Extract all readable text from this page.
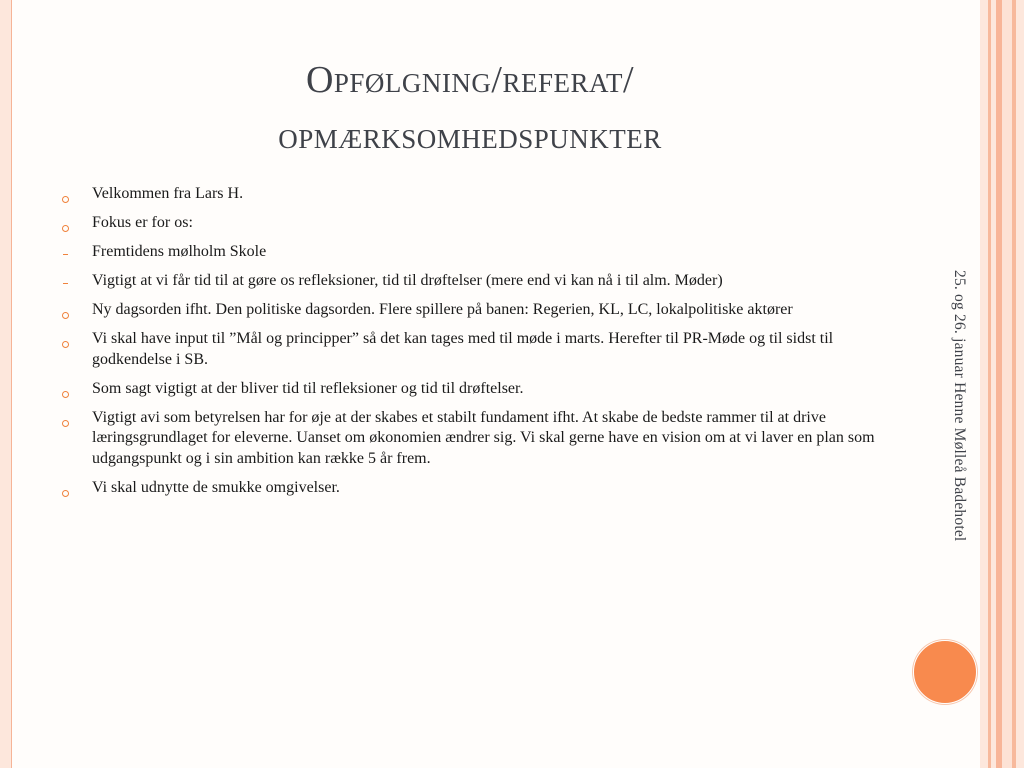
Opfølgning/referat/
opmærksomhedspunkter
Velkommen fra Lars H.
Fokus er for os:
Fremtidens mølholm Skole
Vigtigt at vi får tid til at gøre os refleksioner, tid til drøftelser (mere end vi kan nå i til alm. Møder)
Ny dagsorden ifht. Den politiske dagsorden. Flere spillere på banen: Regerien, KL, LC, lokalpolitiske aktører
Vi skal have input til ”Mål og principper” så det kan tages med til møde i marts. Herefter til PR-Møde og til sidst til godkendelse i SB.
Som sagt vigtigt at der bliver tid til refleksioner og tid til drøftelser.
Vigtigt avi som betyrelsen har for øje at der skabes et stabilt fundament ifht. At skabe de bedste rammer til at drive læringsgrundlaget for eleverne. Uanset om økonomien ændrer sig. Vi skal gerne have en vision om at vi laver en plan som udgangspunkt og i sin ambition kan række 5 år frem.
Vi skal udnytte de smukke omgivelser.	25. og 26. januar Henne Mølleå Badehotel
